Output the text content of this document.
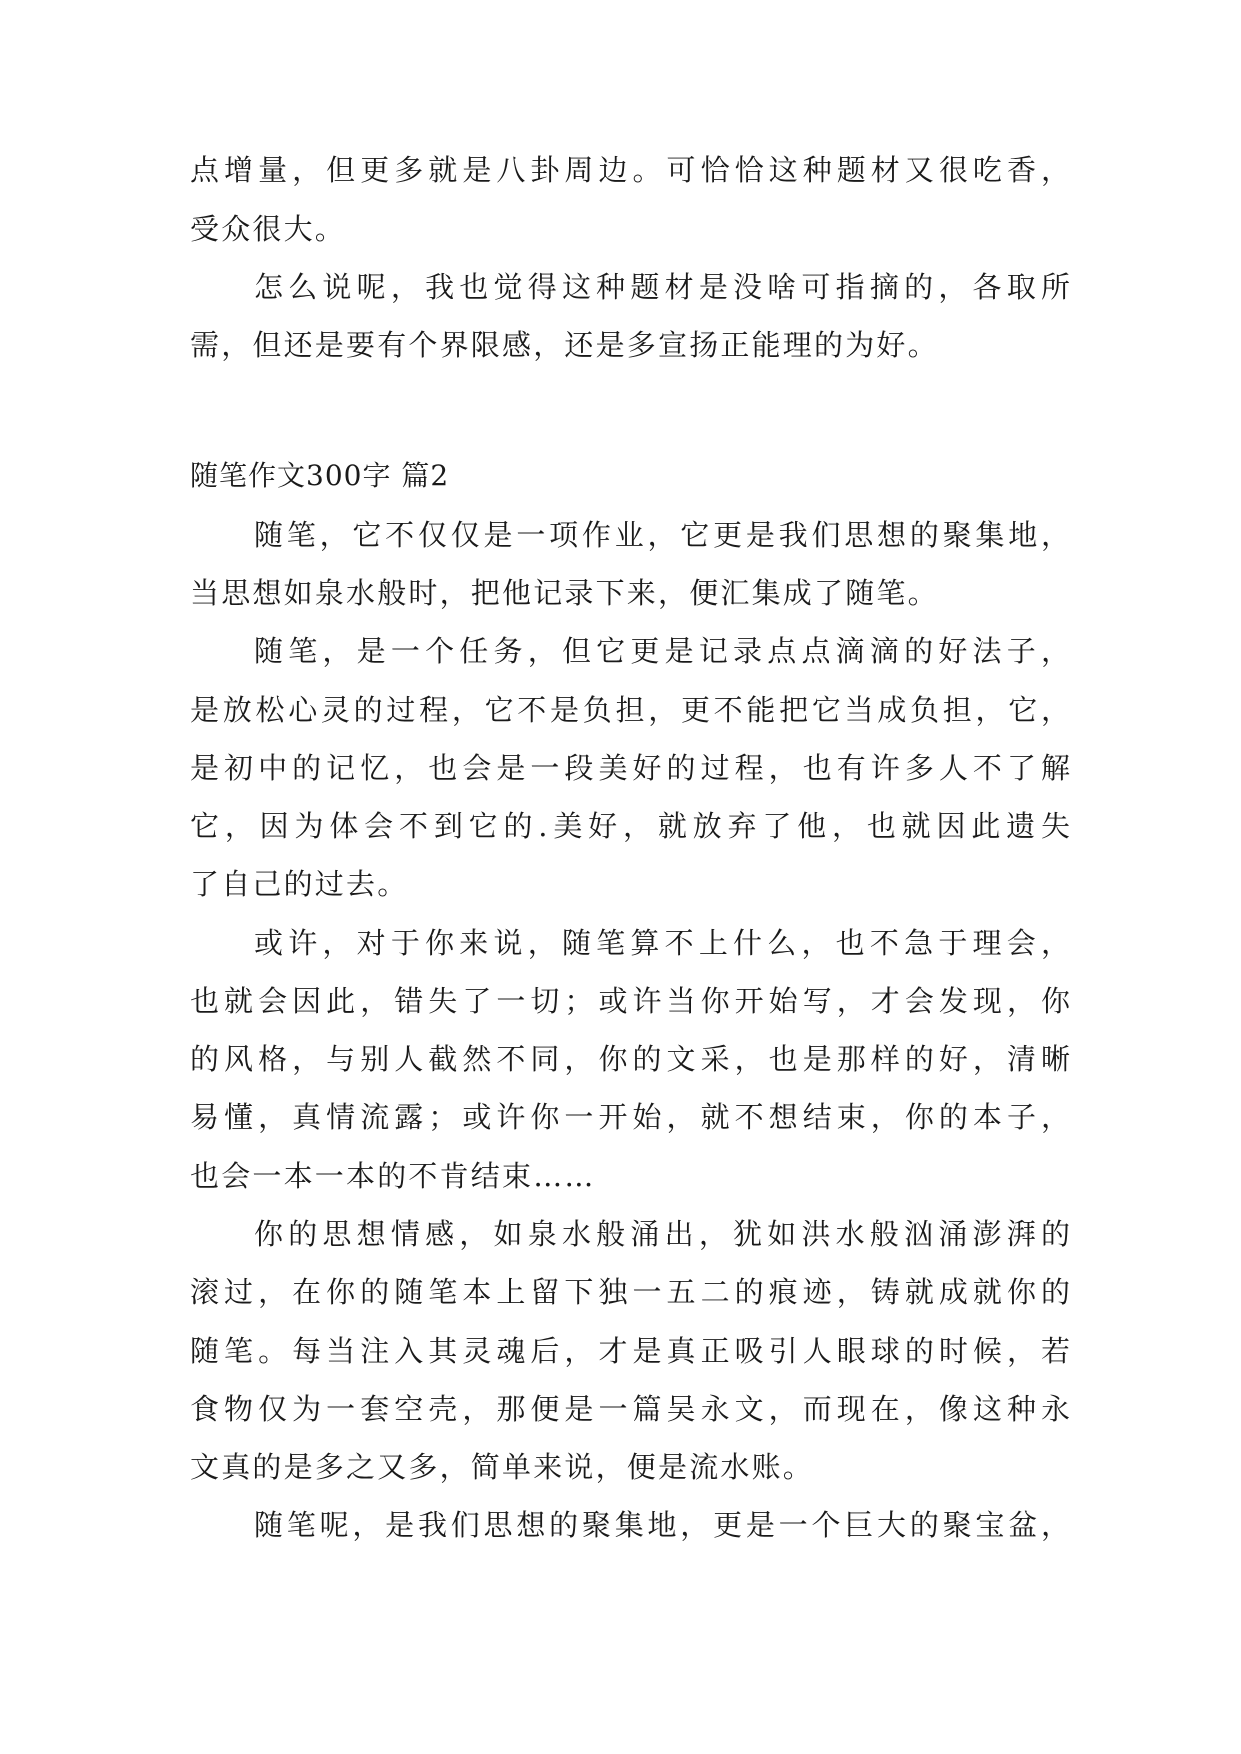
点增量，但更多就是八卦周边。可恰恰这种题材又很吃香，
受众很大。
怎么说呢，我也觉得这种题材是没啥可指摘的，各取所
需，但还是要有个界限感，还是多宣扬正能理的为好。
随笔作文300字 篇2
随笔，它不仅仅是一项作业，它更是我们思想的聚集地，
当思想如泉水般时，把他记录下来，便汇集成了随笔。
随笔，是一个任务，但它更是记录点点滴滴的好法子，
是放松心灵的过程，它不是负担，更不能把它当成负担，它，
是初中的记忆，也会是一段美好的过程，也有许多人不了解
它，因为体会不到它的.美好，就放弃了他，也就因此遗失
了自己的过去。
或许，对于你来说，随笔算不上什么，也不急于理会，
也就会因此，错失了一切；或许当你开始写，才会发现，你
的风格，与别人截然不同，你的文采，也是那样的好，清晰
易懂，真情流露；或许你一开始，就不想结束，你的本子，
也会一本一本的不肯结束……
你的思想情感，如泉水般涌出，犹如洪水般汹涌澎湃的
滚过，在你的随笔本上留下独一五二的痕迹，铸就成就你的
随笔。每当注入其灵魂后，才是真正吸引人眼球的时候，若
食物仅为一套空壳，那便是一篇吴永文，而现在，像这种永
文真的是多之又多，简单来说，便是流水账。
随笔呢，是我们思想的聚集地，更是一个巨大的聚宝盆，
